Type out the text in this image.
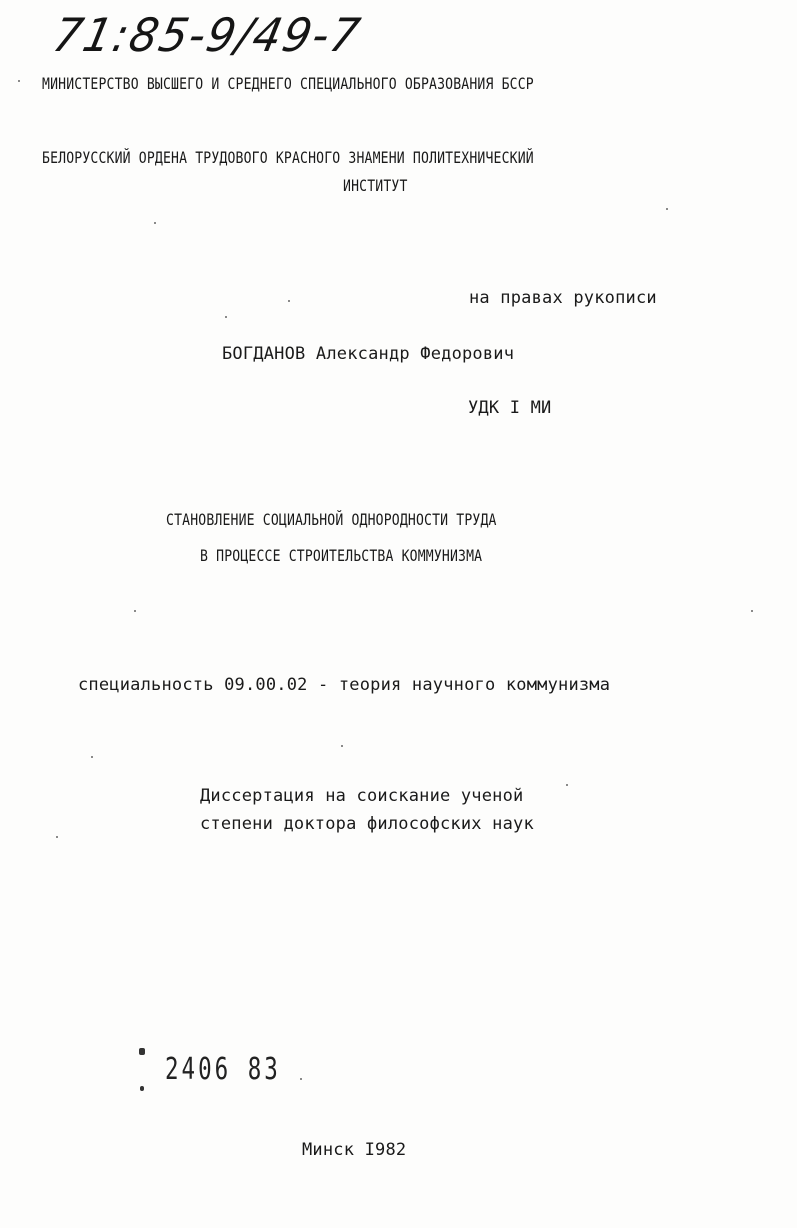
71:85-9/49-7
МИНИСТЕРСТВО ВЫСШЕГО И СРЕДНЕГО СПЕЦИАЛЬНОГО ОБРАЗОВАНИЯ БССР
БЕЛОРУССКИЙ ОРДЕНА ТРУДОВОГО КРАСНОГО ЗНАМЕНИ ПОЛИТЕХНИЧЕСКИЙ
ИНСТИТУТ
на правах рукописи
БОГДАНОВ Александр Федорович
УДК I МИ
СТАНОВЛЕНИЕ СОЦИАЛЬНОЙ ОДНОРОДНОСТИ ТРУДА
В ПРОЦЕССЕ СТРОИТЕЛЬСТВА КОММУНИЗМА
специальность 09.00.02 - теория научного коммунизма
Диссертация на соискание ученой
степени доктора философских наук
2406 83
Минск I982
